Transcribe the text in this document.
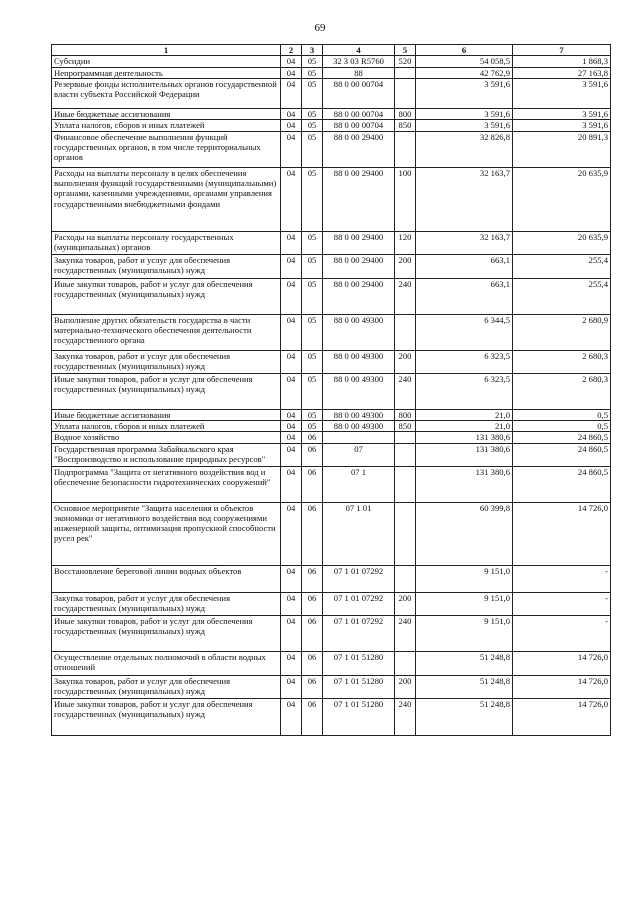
69
1	2	3	4	5	6	7
Субсидии	04	05	32 3 03 R5760	520	54 058,5	1 868,3
Непрограммная деятельность	04	05	88		42 762,9	27 163,8
Резервные фонды исполнительных органов государственной власти субъекта Российской Федерации	04	05	88 0 00 00704		3 591,6	3 591,6
Иные бюджетные ассигнования	04	05	88 0 00 00704	800	3 591,6	3 591,6
Уплата налогов, сборов и иных платежей	04	05	88 0 00 00704	850	3 591,6	3 591,6
Финансовое обеспечение выполнения функций государственных органов, в том числе территориальных органов	04	05	88 0 00 29400		32 826,8	20 891,3
Расходы на выплаты персоналу в целях обеспечения выполнения функций государственными (муниципальными) органами, казенными учреждениями, органами управления государственными внебюджетными фондами	04	05	88 0 00 29400	100	32 163,7	20 635,9
Расходы на выплаты персоналу государственных (муниципальных) органов	04	05	88 0 00 29400	120	32 163,7	20 635,9
Закупка товаров, работ и услуг для обеспечения государственных (муниципальных) нужд	04	05	88 0 00 29400	200	663,1	255,4
Иные закупки товаров, работ и услуг для обеспечения государственных (муниципальных) нужд	04	05	88 0 00 29400	240	663,1	255,4
Выполнение других обязательств государства в части материально-технического обеспечения деятельности государственного органа	04	05	88 0 00 49300		6 344,5	2 680,9
Закупка товаров, работ и услуг для обеспечения государственных (муниципальных) нужд	04	05	88 0 00 49300	200	6 323,5	2 680,3
Иные закупки товаров, работ и услуг для обеспечения государственных (муниципальных) нужд	04	05	88 0 00 49300	240	6 323,5	2 680,3
Иные бюджетные ассигнования	04	05	88 0 00 49300	800	21,0	0,5
Уплата налогов, сборов и иных платежей	04	05	88 0 00 49300	850	21,0	0,5
Водное хозяйство	04	06			131 380,6	24 860,5
Государственная программа Забайкальского края "Воспроизводство и использование природных ресурсов"	04	06	07		131 380,6	24 860,5
Подпрограмма "Защита от негативного воздействия вод и обеспечение безопасности гидротехнических сооружений"	04	06	07 1		131 380,6	24 860,5
Основное мероприятие "Защита населения и объектов экономики от негативного воздействия вод сооружениями инженерной защиты, оптимизация пропускной способности русел рек"	04	06	07 1 01		60 399,8	14 726,0
Восстановление береговой линии водных объектов	04	06	07 1 01 07292		9 151,0	-
Закупка товаров, работ и услуг для обеспечения государственных (муниципальных) нужд	04	06	07 1 01 07292	200	9 151,0	-
Иные закупки товаров, работ и услуг для обеспечения государственных (муниципальных) нужд	04	06	07 1 01 07292	240	9 151,0	-
Осуществление отдельных полномочий в области водных отношений	04	06	07 1 01 51280		51 248,8	14 726,0
Закупка товаров, работ и услуг для обеспечения государственных (муниципальных) нужд	04	06	07 1 01 51280	200	51 248,8	14 726,0
Иные закупки товаров, работ и услуг для обеспечения государственных (муниципальных) нужд	04	06	07 1 01 51280	240	51 248,8	14 726,0
